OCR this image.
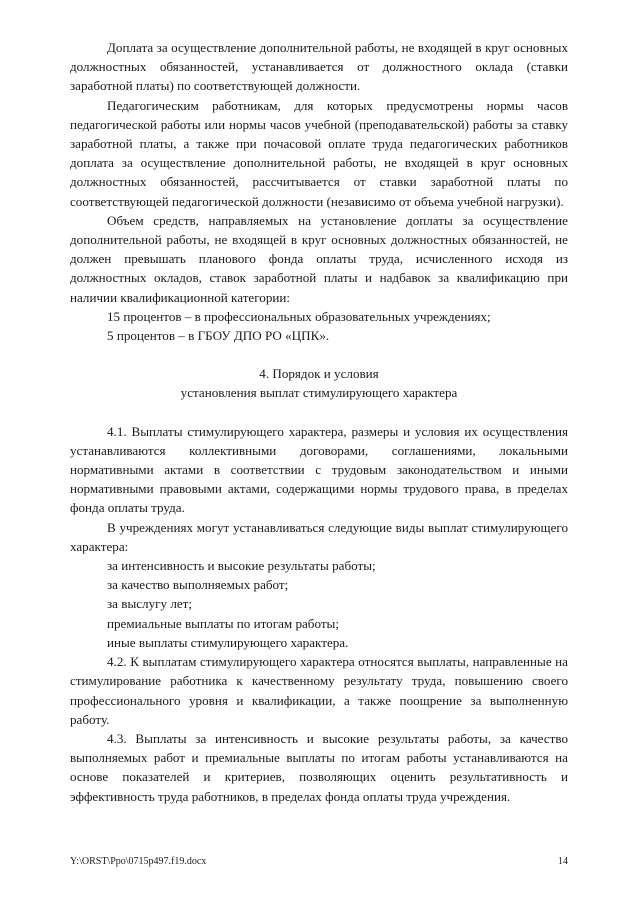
Доплата за осуществление дополнительной работы, не входящей в круг основных должностных обязанностей, устанавливается от должностного оклада (ставки заработной платы) по соответствующей должности.

Педагогическим работникам, для которых предусмотрены нормы часов педагогической работы или нормы часов учебной (преподавательской) работы за ставку заработной платы, а также при почасовой оплате труда педагогических работников доплата за осуществление дополнительной работы, не входящей в круг основных должностных обязанностей, рассчитывается от ставки заработной платы по соответствующей педагогической должности (независимо от объема учебной нагрузки).

Объем средств, направляемых на установление доплаты за осуществление дополнительной работы, не входящей в круг основных должностных обязанностей, не должен превышать планового фонда оплаты труда, исчисленного исходя из должностных окладов, ставок заработной платы и надбавок за квалификацию при наличии квалификационной категории:

15 процентов – в профессиональных образовательных учреждениях;

5 процентов – в ГБОУ ДПО РО «ЦПК».

4. Порядок и условия
установления выплат стимулирующего характера

4.1. Выплаты стимулирующего характера, размеры и условия их осуществления устанавливаются коллективными договорами, соглашениями, локальными нормативными актами в соответствии с трудовым законодательством и иными нормативными правовыми актами, содержащими нормы трудового права, в пределах фонда оплаты труда.

В учреждениях могут устанавливаться следующие виды выплат стимулирующего характера:

за интенсивность и высокие результаты работы;

за качество выполняемых работ;

за выслугу лет;

премиальные выплаты по итогам работы;

иные выплаты стимулирующего характера.

4.2. К выплатам стимулирующего характера относятся выплаты, направленные на стимулирование работника к качественному результату труда, повышению своего профессионального уровня и квалификации, а также поощрение за выполненную работу.

4.3. Выплаты за интенсивность и высокие результаты работы, за качество выполняемых работ и премиальные выплаты по итогам работы устанавливаются на основе показателей и критериев, позволяющих оценить результативность и эффективность труда работников, в пределах фонда оплаты труда учреждения.

Y:\ORST\Ppo\0715p497.f19.docx	14
